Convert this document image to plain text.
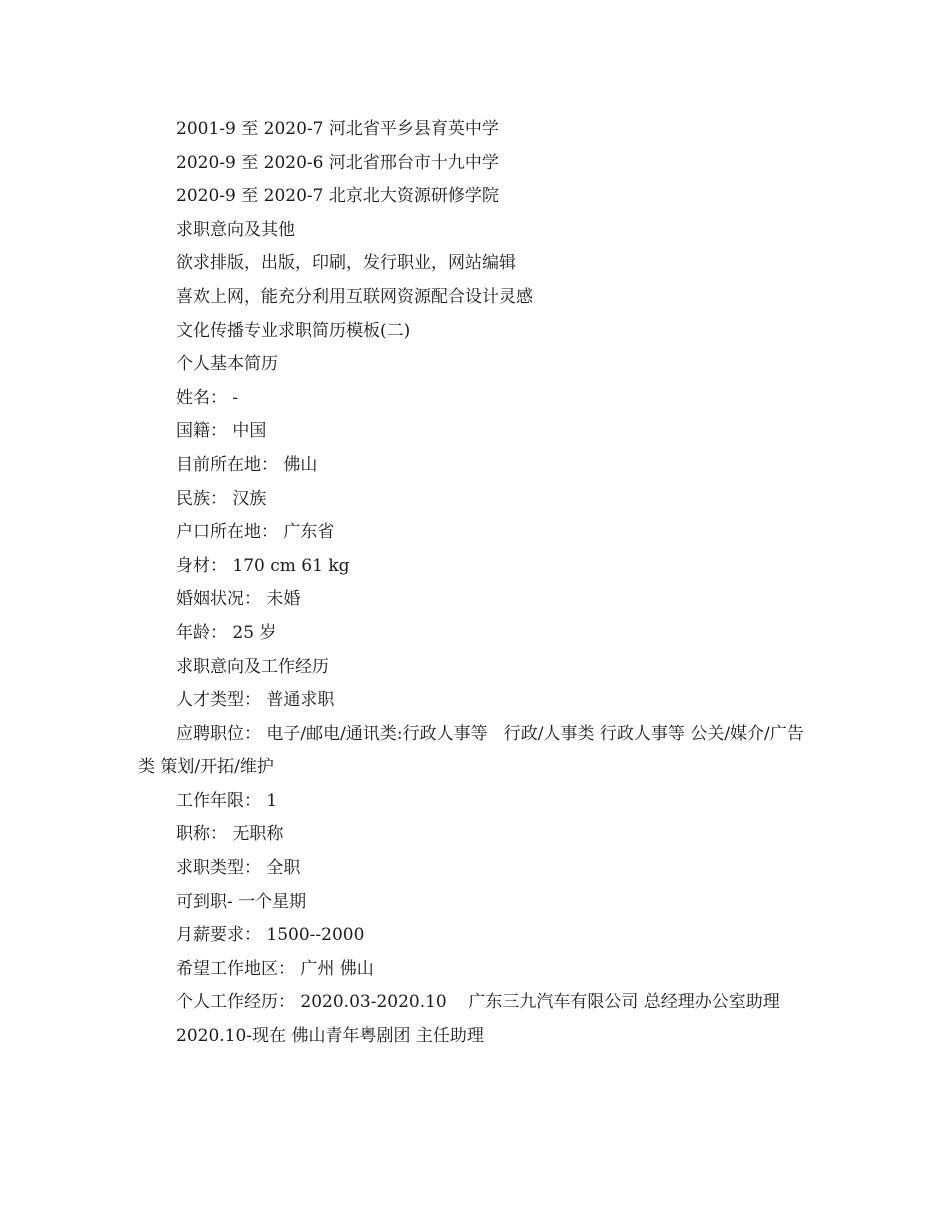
2001-9 至 2020-7 河北省平乡县育英中学

2020-9 至 2020-6 河北省邢台市十九中学

2020-9 至 2020-7 北京北大资源研修学院

求职意向及其他

欲求排版，出版，印刷，发行职业，网站编辑

喜欢上网，能充分利用互联网资源配合设计灵感

文化传播专业求职简历模板(二)

个人基本简历

姓名： -

国籍： 中国

目前所在地： 佛山

民族： 汉族

户口所在地： 广东省

身材： 170 cm 61 kg

婚姻状况： 未婚

年龄： 25 岁

求职意向及工作经历

人才类型： 普通求职

应聘职位： 电子/邮电/通讯类:行政人事等   行政/人事类 行政人事等 公关/媒介/广告类 策划/开拓/维护

工作年限： 1

职称： 无职称

求职类型： 全职

可到职- 一个星期

月薪要求： 1500--2000

希望工作地区： 广州 佛山

个人工作经历： 2020.03-2020.10    广东三九汽车有限公司 总经理办公室助理

2020.10-现在 佛山青年粤剧团 主任助理
